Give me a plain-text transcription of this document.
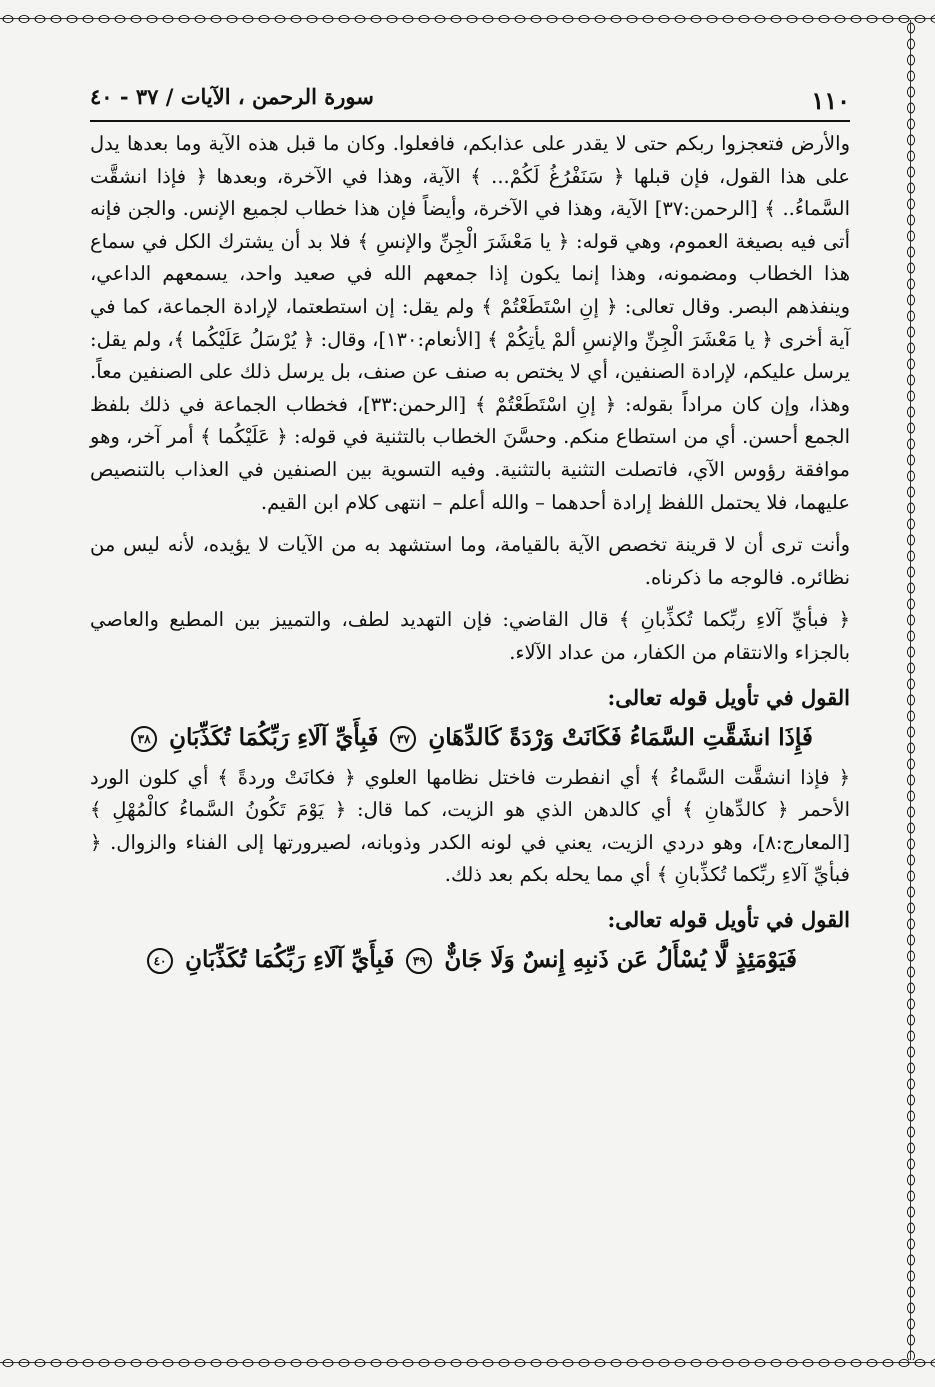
١١٠
سورة الرحمن ، الآيات / ٣٧ - ٤٠

والأرض فتعجزوا ربكم حتى لا يقدر على عذابكم، فافعلوا. وكان ما قبل هذه الآية وما بعدها يدل على هذا القول، فإن قبلها ﴿ سَنَفْرُغُ لَكُمْ... ﴾ الآية، وهذا في الآخرة، وبعدها ﴿ فإذا انشقَّت السَّماءُ.. ﴾ [الرحمن:٣٧] الآية، وهذا في الآخرة، وأيضاً فإن هذا خطاب لجميع الإنس. والجن فإنه أتى فيه بصيغة العموم، وهي قوله: ﴿ يا مَعْشَرَ الْجِنِّ والإنسِ ﴾ فلا بد أن يشترك الكل في سماع هذا الخطاب ومضمونه، وهذا إنما يكون إذا جمعهم الله في صعيد واحد، يسمعهم الداعي، وينفذهم البصر. وقال تعالى: ﴿ إنِ اسْتَطَعْتُمْ ﴾ ولم يقل: إن استطعتما، لإرادة الجماعة، كما في آية أخرى ﴿ يا مَعْشَرَ الْجِنِّ والإنسِ ألمْ يأتِكُمْ ﴾ [الأنعام:١٣٠]، وقال: ﴿ يُرْسَلُ عَلَيْكُما ﴾، ولم يقل: يرسل عليكم، لإرادة الصنفين، أي لا يختص به صنف عن صنف، بل يرسل ذلك على الصنفين معاً. وهذا، وإن كان مراداً بقوله: ﴿ إنِ اسْتَطَعْتُمْ ﴾ [الرحمن:٣٣]، فخطاب الجماعة في ذلك بلفظ الجمع أحسن. أي من استطاع منكم. وحسَّنَ الخطاب بالتثنية في قوله: ﴿ عَلَيْكُما ﴾ أمر آخر، وهو موافقة رؤوس الآي، فاتصلت التثنية بالتثنية. وفيه التسوية بين الصنفين في العذاب بالتنصيص عليهما، فلا يحتمل اللفظ إرادة أحدهما – والله أعلم – انتهى كلام ابن القيم.

وأنت ترى أن لا قرينة تخصص الآية بالقيامة، وما استشهد به من الآيات لا يؤيده، لأنه ليس من نظائره. فالوجه ما ذكرناه.

﴿ فبأيِّ آلاءِ ربِّكما تُكذِّبانِ ﴾ قال القاضي: فإن التهديد لطف، والتمييز بين المطيع والعاصي بالجزاء والانتقام من الكفار، من عداد الآلاء.

القول في تأويل قوله تعالى:
فَإِذَا انشَقَّتِ السَّمَاءُ فَكَانَتْ وَرْدَةً كَالدِّهَانِ ٣٧ فَبِأَيِّ آلَاءِ رَبِّكُمَا تُكَذِّبَانِ ٣٨

﴿ فإذا انشقَّت السَّماءُ ﴾ أي انفطرت فاختل نظامها العلوي ﴿ فكانَتْ وردةً ﴾ أي كلون الورد الأحمر ﴿ كالدِّهانِ ﴾ أي كالدهن الذي هو الزيت، كما قال: ﴿ يَوْمَ تَكُونُ السَّماءُ كالْمُهْلِ ﴾ [المعارج:٨]، وهو دردي الزيت، يعني في لونه الكدر وذوبانه، لصيرورتها إلى الفناء والزوال. ﴿ فبأيِّ آلاءِ ربِّكما تُكذِّبانِ ﴾ أي مما يحله بكم بعد ذلك.

القول في تأويل قوله تعالى:
فَيَوْمَئِذٍ لَّا يُسْأَلُ عَن ذَنبِهِ إِنسٌ وَلَا جَانٌّ ٣٩ فَبِأَيِّ آلَاءِ رَبِّكُمَا تُكَذِّبَانِ ٤٠
